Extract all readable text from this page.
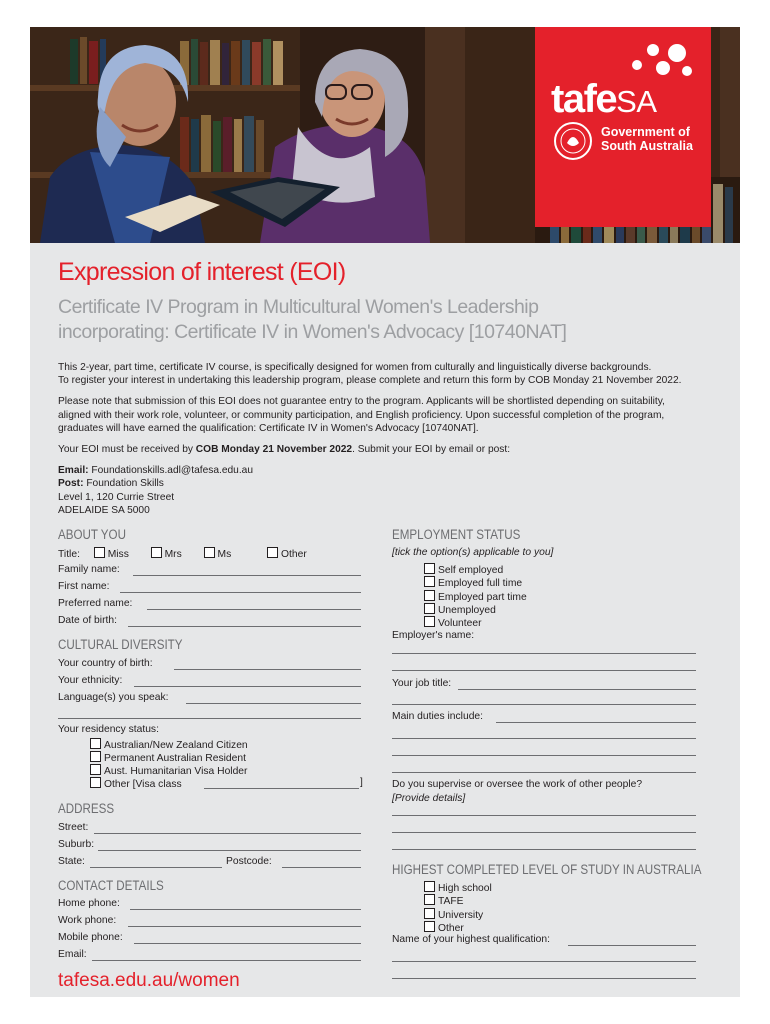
tafeSA
Government of
South Australia
Expression of interest (EOI)
Certificate IV Program in Multicultural Women's Leadership
incorporating: Certificate IV in Women's Advocacy [10740NAT]
This 2-year, part time, certificate IV course, is specifically designed for women from culturally and linguistically diverse backgrounds.
To register your interest in undertaking this leadership program, please complete and return this form by COB Monday 21 November 2022.
Please note that submission of this EOI does not guarantee entry to the program. Applicants will be shortlisted depending on suitability,
aligned with their work role, volunteer, or community participation, and English proficiency. Upon successful completion of the program,
graduates will have earned the qualification: Certificate IV in Women's Advocacy [10740NAT].
Your EOI must be received by COB Monday 21 November 2022. Submit your EOI by email or post:
Email: Foundationskills.adl@tafesa.edu.au
Post: Foundation Skills
Level 1, 120 Currie Street
ADELAIDE SA 5000
ABOUT YOU
Title:	Miss	Mrs	Ms	Other
Family name:
First name:
Preferred name:
Date of birth:
CULTURAL DIVERSITY
Your country of birth:
Your ethnicity:
Language(s) you speak:
Your residency status:
Australian/New Zealand Citizen
Permanent Australian Resident
Aust. Humanitarian Visa Holder
Other [Visa class	]
ADDRESS
Street:
Suburb:
State:	Postcode:
CONTACT DETAILS
Home phone:
Work phone:
Mobile phone:
Email:
tafesa.edu.au/women
EMPLOYMENT STATUS
[tick the option(s) applicable to you]
Self employed
Employed full time
Employed part time
Unemployed
Volunteer
Employer's name:
Your job title:
Main duties include:
Do you supervise or oversee the work of other people?
[Provide details]
HIGHEST COMPLETED LEVEL OF STUDY IN AUSTRALIA
High school
TAFE
University
Other
Name of your highest qualification:
